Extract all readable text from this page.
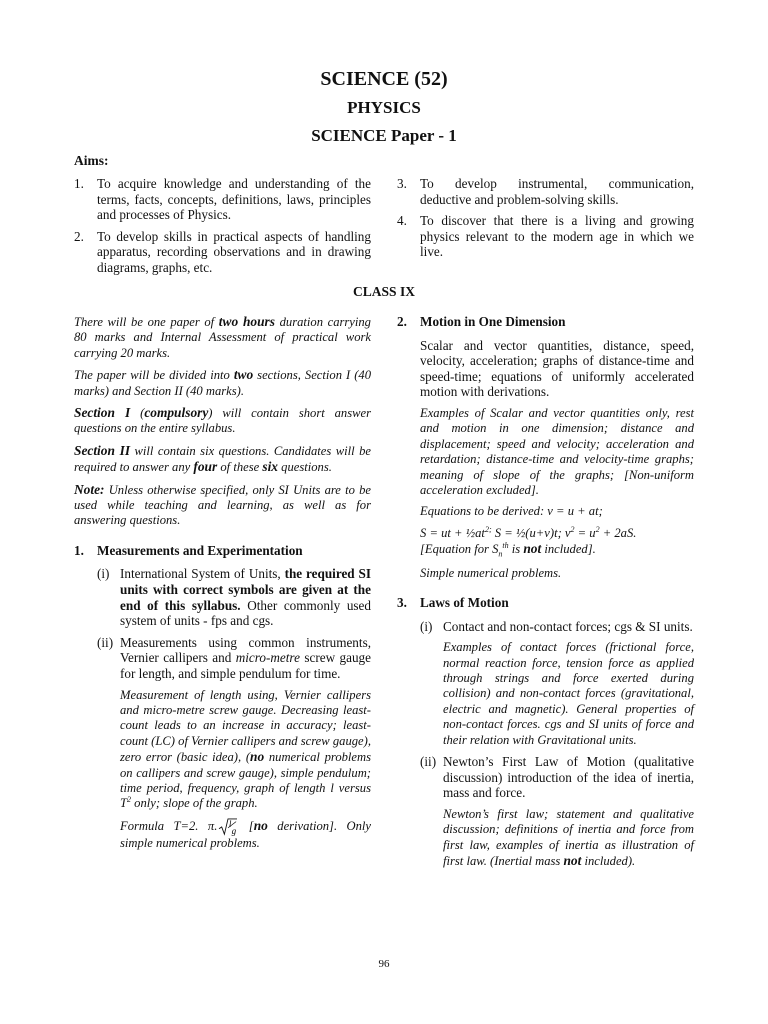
SCIENCE (52)
PHYSICS
SCIENCE Paper - 1
Aims:
1. To acquire knowledge and understanding of the terms, facts, concepts, definitions, laws, principles and processes of Physics.
2. To develop skills in practical aspects of handling apparatus, recording observations and in drawing diagrams, graphs, etc.
3. To develop instrumental, communication, deductive and problem-solving skills.
4. To discover that there is a living and growing physics relevant to the modern age in which we live.
CLASS IX

There will be one paper of two hours duration carrying 80 marks and Internal Assessment of practical work carrying 20 marks.

The paper will be divided into two sections, Section I (40 marks) and Section II (40 marks).

Section I (compulsory) will contain short answer questions on the entire syllabus.

Section II will contain six questions. Candidates will be required to answer any four of these six questions.

Note: Unless otherwise specified, only SI Units are to be used while teaching and learning, as well as for answering questions.

1. Measurements and Experimentation
(i) International System of Units, the required SI units with correct symbols are given at the end of this syllabus. Other commonly used system of units - fps and cgs.
(ii) Measurements using common instruments, Vernier callipers and micro-metre screw gauge for length, and simple pendulum for time.

Measurement of length using, Vernier callipers and micro-metre screw gauge. Decreasing least-count leads to an increase in accuracy; least-count (LC) of Vernier callipers and screw gauge), zero error (basic idea), (no numerical problems on callipers and screw gauge), simple pendulum; time period, frequency, graph of length l versus $T^2$ only; slope of the graph.

Formula T=2. π. l
g [no derivation]. Only simple numerical problems.

2. Motion in One Dimension

Scalar and vector quantities, distance, speed, velocity, acceleration; graphs of distance-time and speed-time; equations of uniformly accelerated motion with derivations.

Examples of Scalar and vector quantities only, rest and motion in one dimension; distance and displacement; speed and velocity; acceleration and retardation; distance-time and velocity-time graphs; meaning of slope of the graphs; [Non-uniform acceleration excluded].

Equations to be derived: v = u + at;

S = ut + $\frac{1}{2}at^{2;}$ S = ½(u+v)t; $v^2 = u^2 + 2aS$.
[Equation for $S_n^{th}$ is not included].

Simple numerical problems.

3. Laws of Motion
(i) Contact and non-contact forces; cgs & SI units.

Examples of contact forces (frictional force, normal reaction force, tension force as applied through strings and force exerted during collision) and non-contact forces (gravitational, electric and magnetic). General properties of non-contact forces. cgs and SI units of force and their relation with Gravitational units.

(ii) Newton’s First Law of Motion (qualitative discussion) introduction of the idea of inertia, mass and force.

Newton’s first law; statement and qualitative discussion; definitions of inertia and force from first law, examples of inertia as illustration of first law. (Inertial mass not included).

96
